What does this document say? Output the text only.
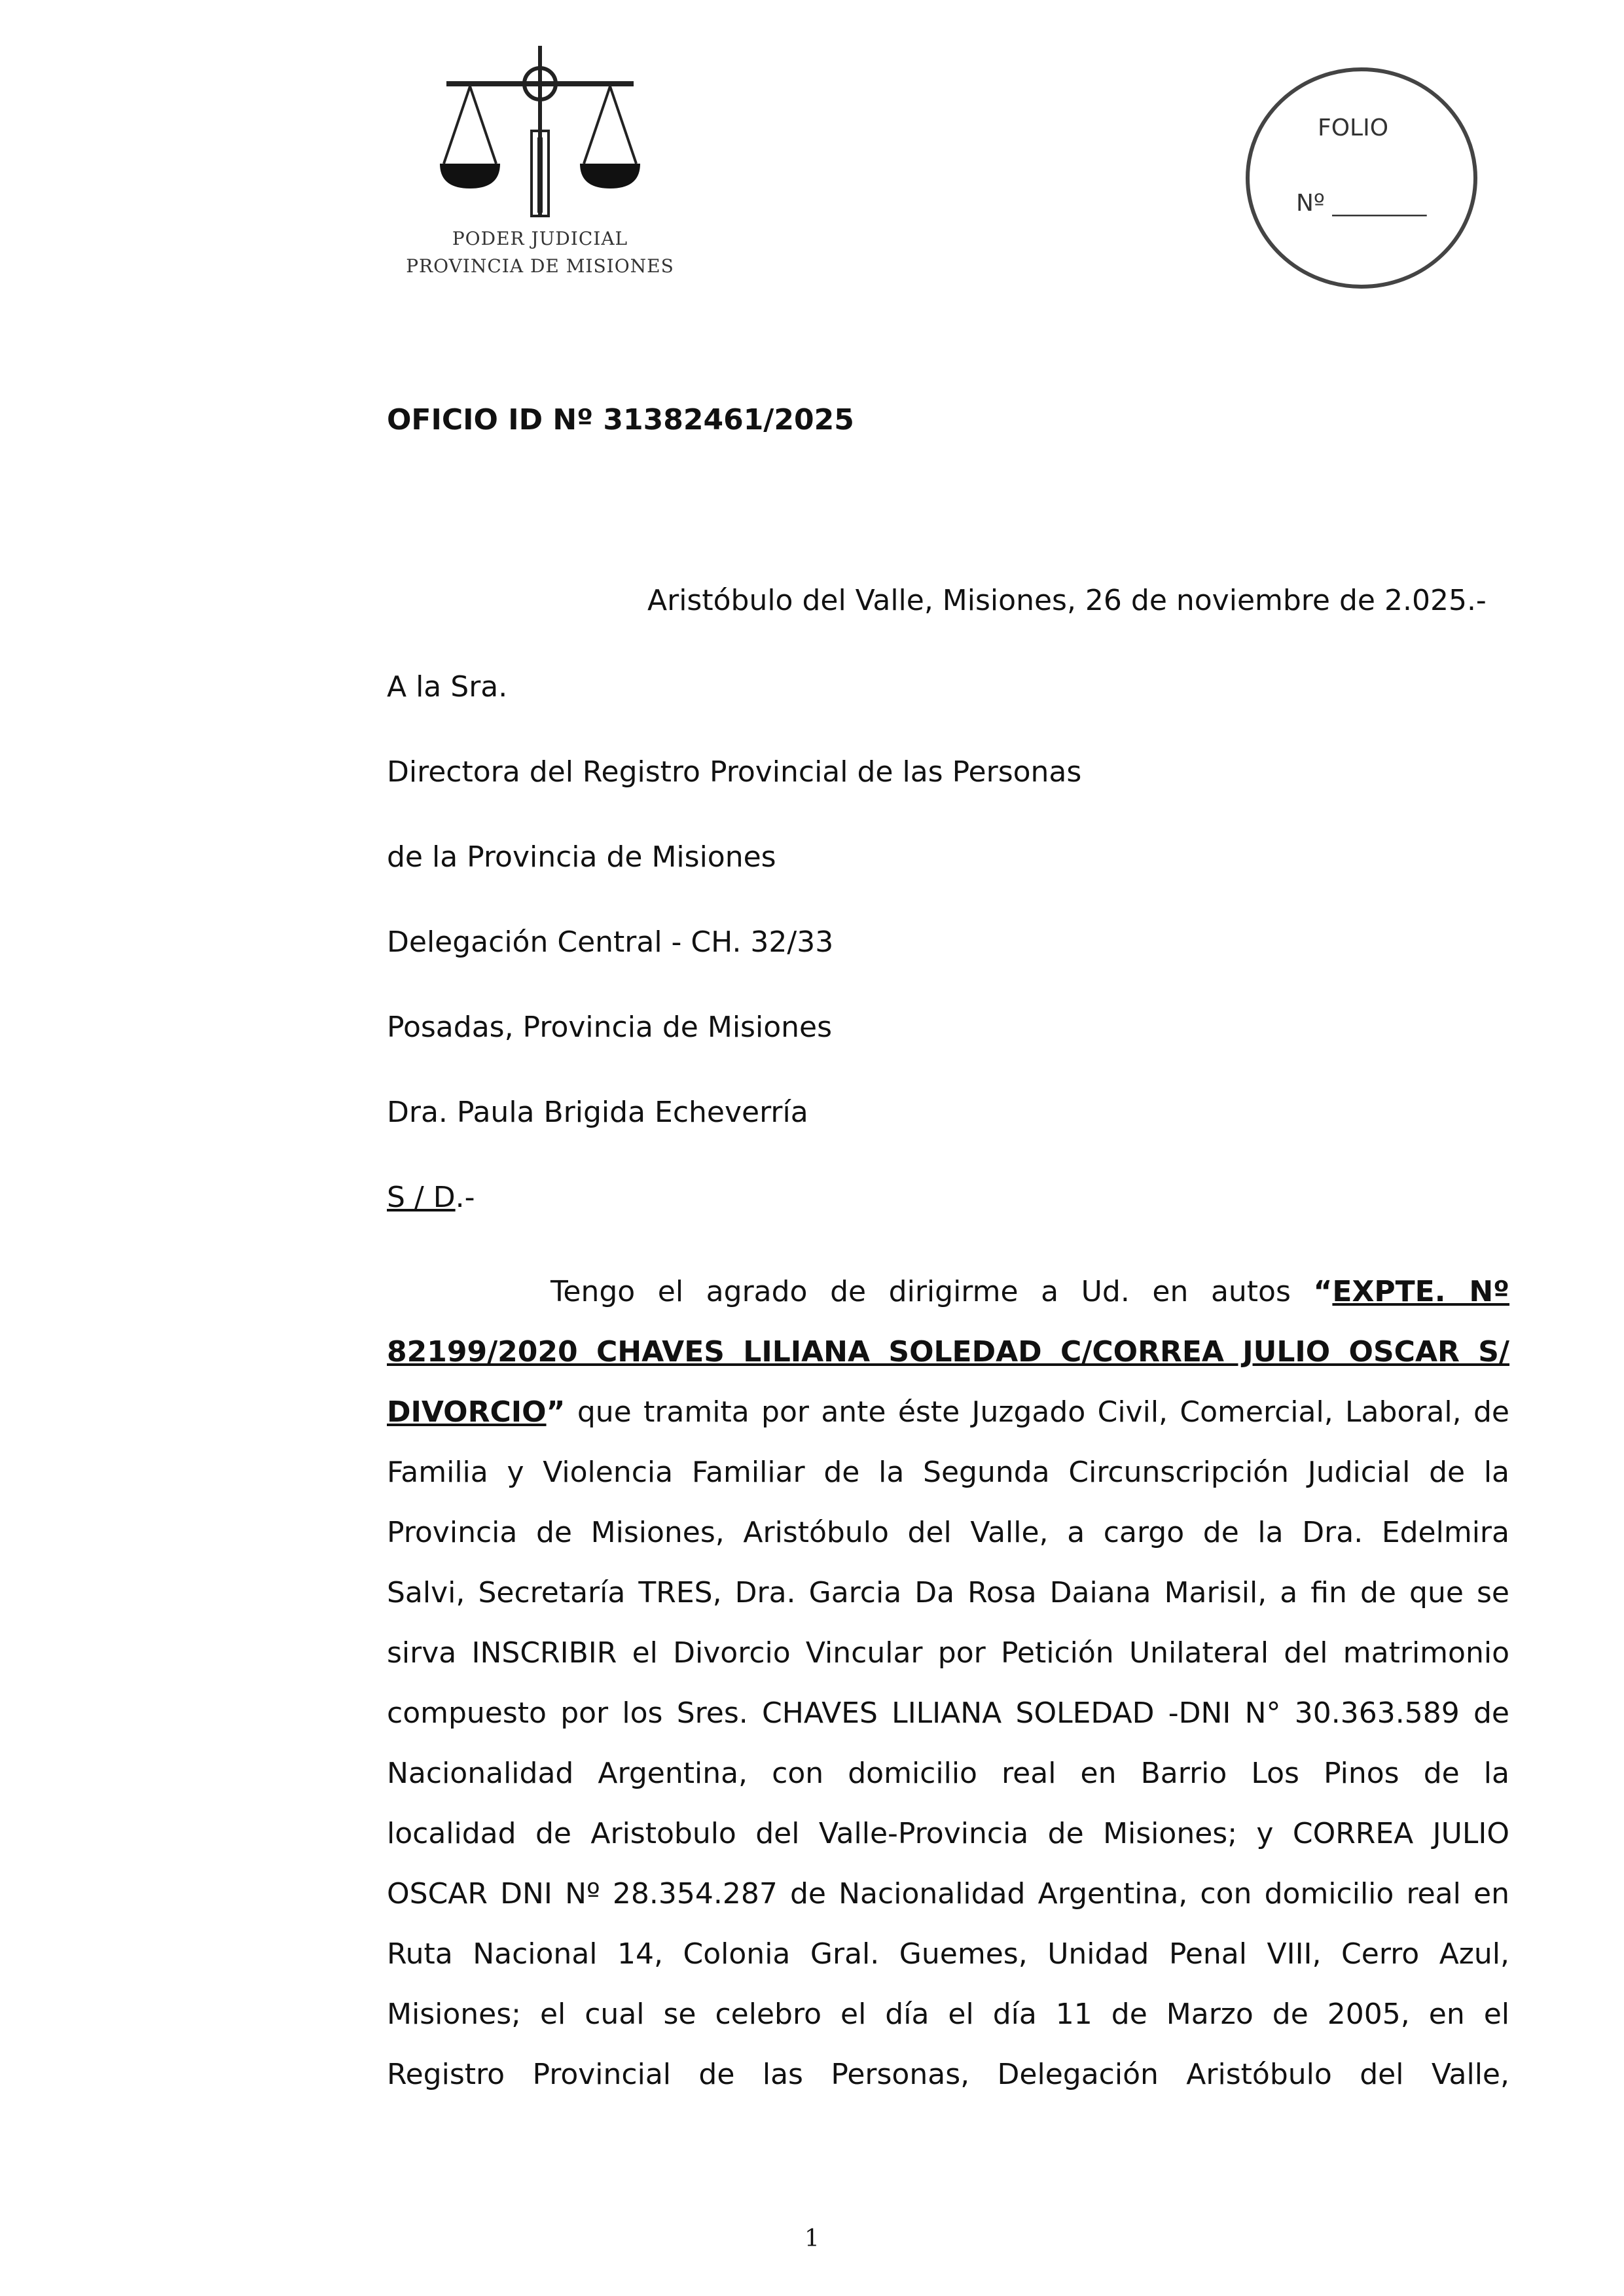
PODER JUDICIAL
PROVINCIA DE MISIONES
FOLIO
Nº ________
OFICIO ID Nº 31382461/2025
Aristóbulo del Valle, Misiones, 26 de noviembre de 2.025.-
A la Sra.
Directora del Registro Provincial de las Personas
de la Provincia de Misiones
Delegación Central - CH. 32/33
Posadas, Provincia de Misiones
Dra. Paula Brigida Echeverría
S / D.-
Tengo el agrado de dirigirme a Ud. en autos “EXPTE. Nº
82199/2020 CHAVES LILIANA SOLEDAD C/CORREA JULIO OSCAR S/
DIVORCIO” que tramita por ante éste Juzgado Civil, Comercial, Laboral, de
Familia y Violencia Familiar de la Segunda Circunscripción Judicial de la
Provincia de Misiones, Aristóbulo del Valle, a cargo de la Dra. Edelmira
Salvi, Secretaría TRES, Dra. Garcia Da Rosa Daiana Marisil, a fin de que se
sirva INSCRIBIR el Divorcio Vincular por Petición Unilateral del matrimonio
compuesto por los Sres. CHAVES LILIANA SOLEDAD -DNI N° 30.363.589 de
Nacionalidad Argentina, con domicilio real en Barrio Los Pinos de la
localidad de Aristobulo del Valle-Provincia de Misiones; y CORREA JULIO
OSCAR DNI Nº 28.354.287 de Nacionalidad Argentina, con domicilio real en
Ruta Nacional 14, Colonia Gral. Guemes, Unidad Penal VIII, Cerro Azul,
Misiones; el cual se celebro el día el día 11 de Marzo de 2005, en el
Registro Provincial de las Personas, Delegación Aristóbulo del Valle,
1
